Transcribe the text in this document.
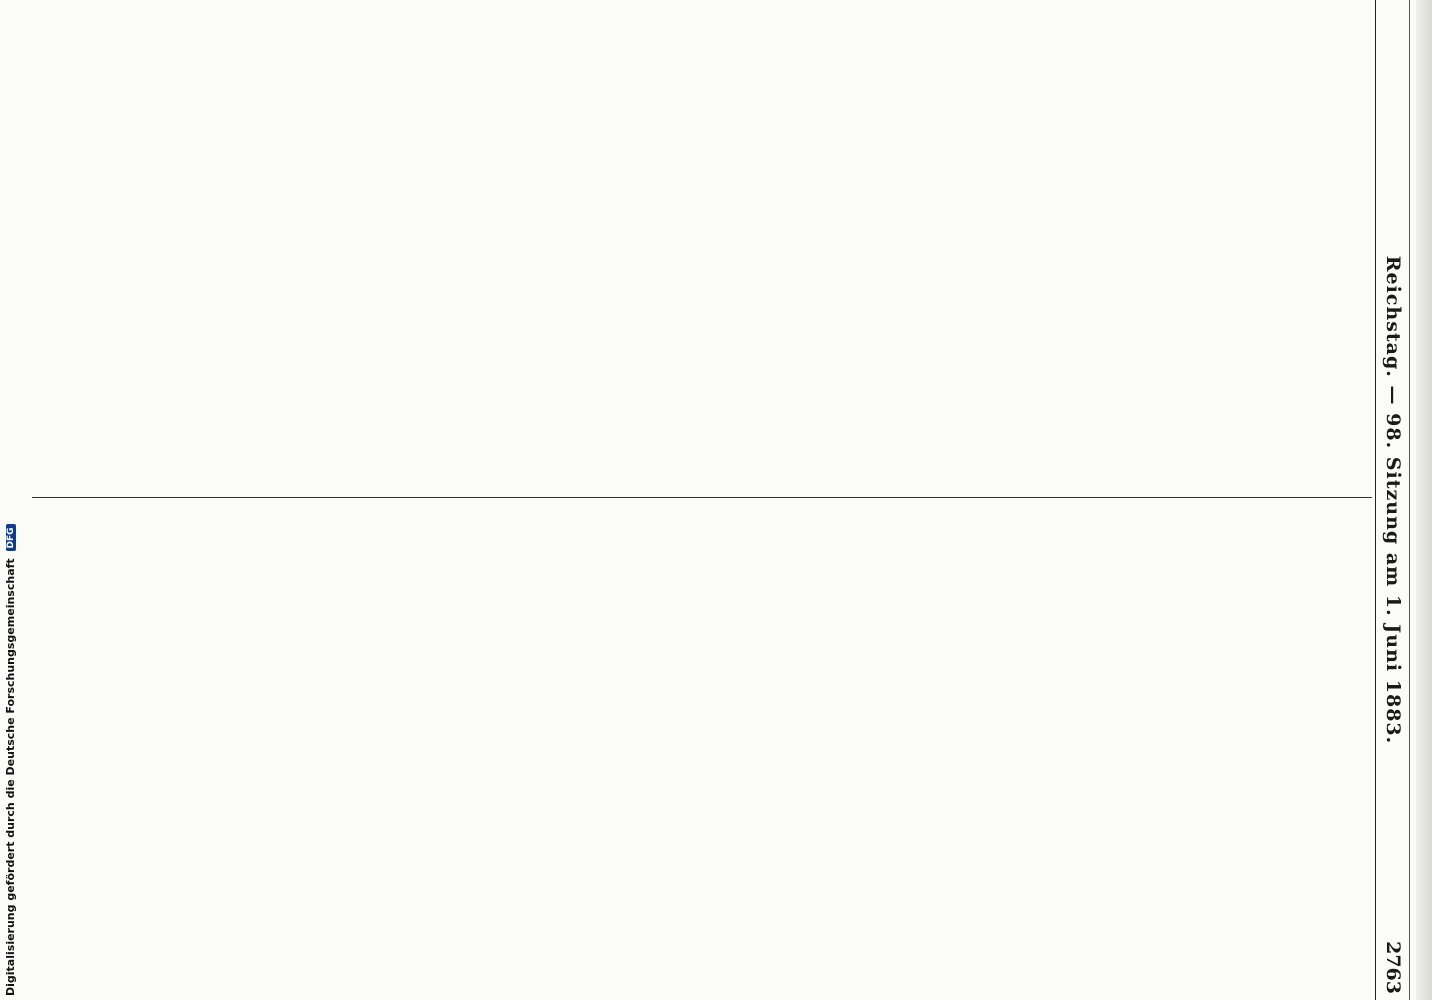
Reichstag. — 98. Sitzung am 1. Juni 1883.
2763
Digitalisierung gefördert durch die Deutsche Forschungsgemeinschaft DFG
